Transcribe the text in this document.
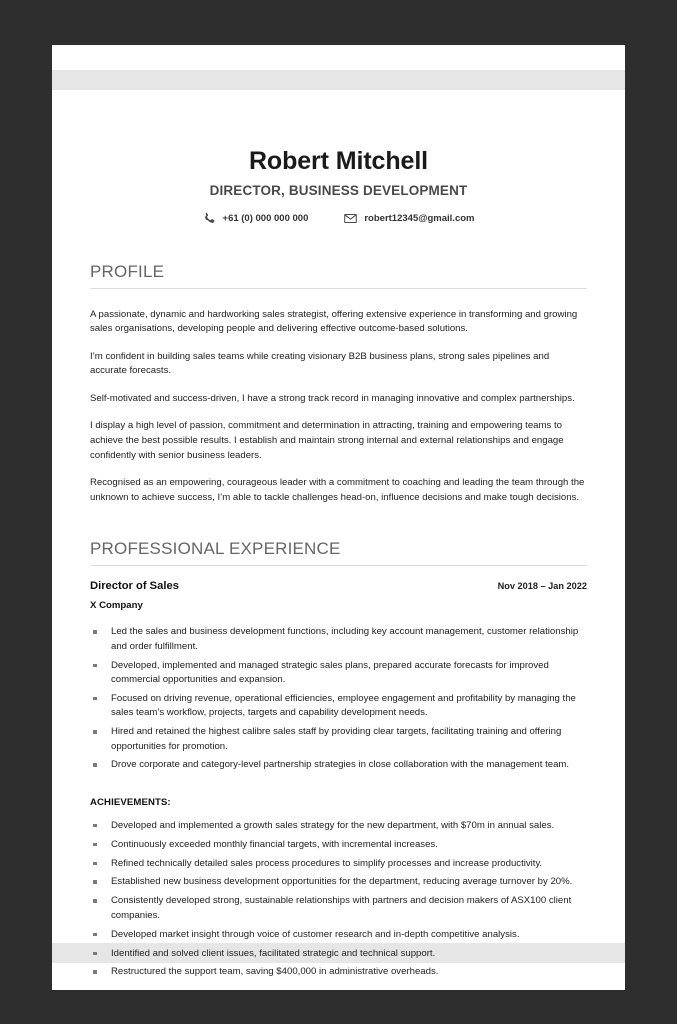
Robert Mitchell
DIRECTOR, BUSINESS DEVELOPMENT
+61 (0) 000 000 000	robert12345@gmail.com
PROFILE

A passionate, dynamic and hardworking sales strategist, offering extensive experience in transforming and growing sales organisations, developing people and delivering effective outcome-based solutions.

I’m confident in building sales teams while creating visionary B2B business plans, strong sales pipelines and accurate forecasts.

Self-motivated and success-driven, I have a strong track record in managing innovative and complex partnerships.

I display a high level of passion, commitment and determination in attracting, training and empowering teams to achieve the best possible results. I establish and maintain strong internal and external relationships and engage confidently with senior business leaders.

Recognised as an empowering, courageous leader with a commitment to coaching and leading the team through the unknown to achieve success, I’m able to tackle challenges head-on, influence decisions and make tough decisions.

PROFESSIONAL EXPERIENCE
Director of Sales	Nov 2018 – Jan 2022
X Company
Led the sales and business development functions, including key account management, customer relationship and order fulfillment.
Developed, implemented and managed strategic sales plans, prepared accurate forecasts for improved commercial opportunities and expansion.
Focused on driving revenue, operational efficiencies, employee engagement and profitability by managing the sales team’s workflow, projects, targets and capability development needs.
Hired and retained the highest calibre sales staff by providing clear targets, facilitating training and offering opportunities for promotion.
Drove corporate and category-level partnership strategies in close collaboration with the management team.
ACHIEVEMENTS:
Developed and implemented a growth sales strategy for the new department, with $70m in annual sales.
Continuously exceeded monthly financial targets, with incremental increases.
Refined technically detailed sales process procedures to simplify processes and increase productivity.
Established new business development opportunities for the department, reducing average turnover by 20%.
Consistently developed strong, sustainable relationships with partners and decision makers of ASX100 client companies.
Developed market insight through voice of customer research and in-depth competitive analysis.
Identified and solved client issues, facilitated strategic and technical support.
Restructured the support team, saving $400,000 in administrative overheads.
